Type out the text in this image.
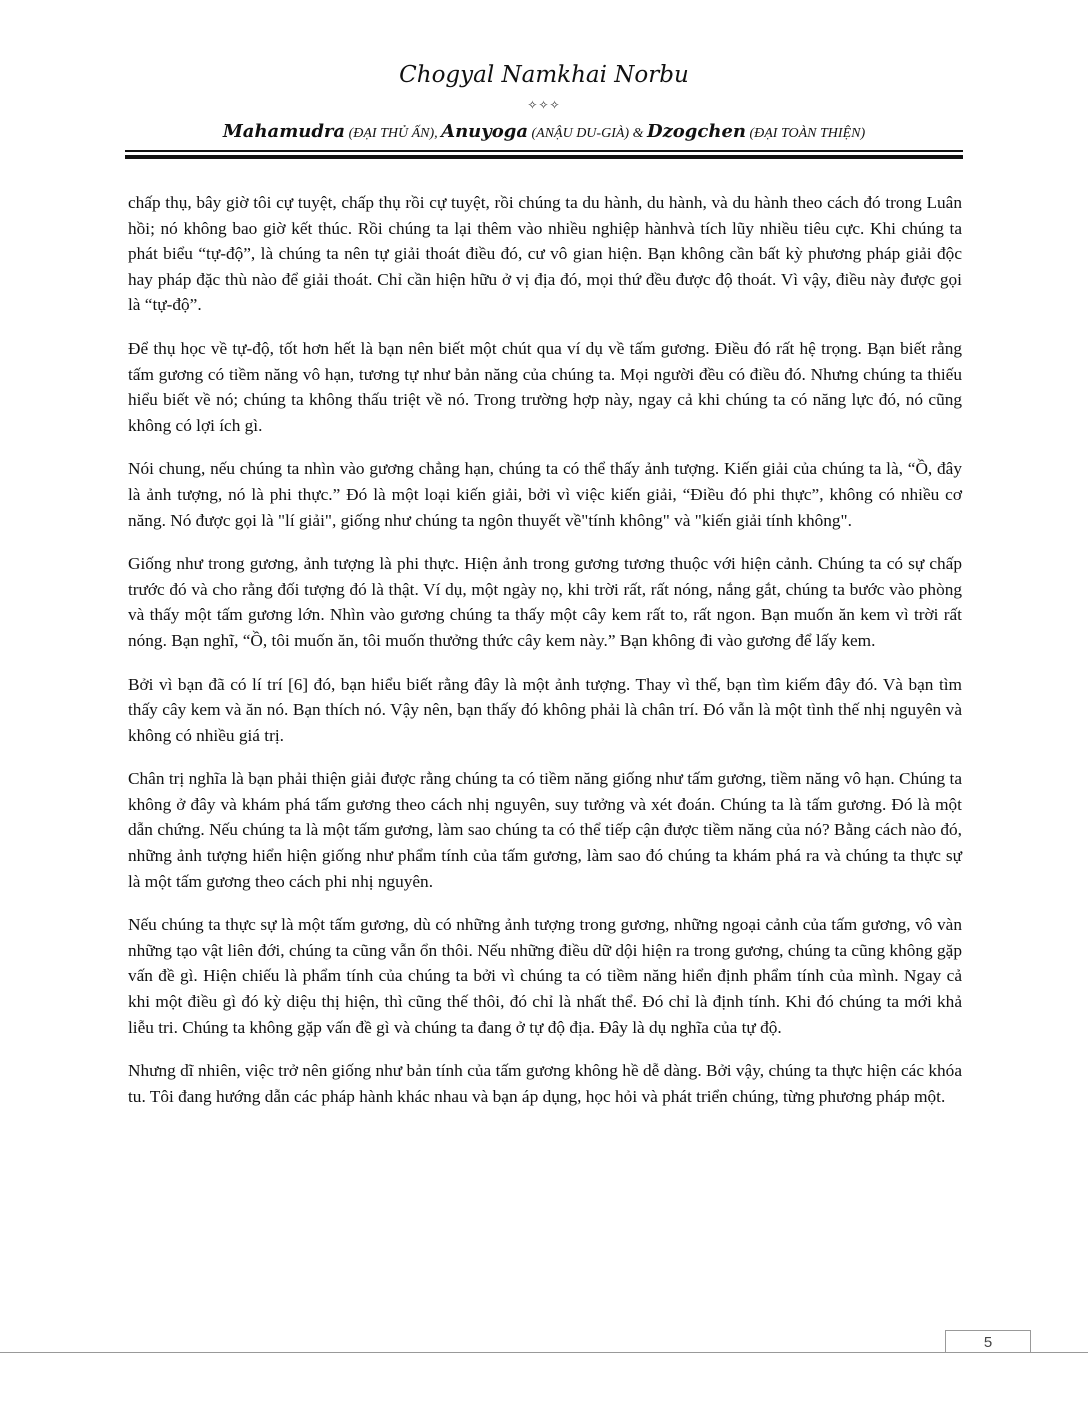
Chogyal Namkhai Norbu
✧✧✧
Mahamudra (ĐẠI THỦ ẤN), Anuyoga (ANẬU DU-GIÀ) & Dzogchen (ĐẠI TOÀN THIỆN)

chấp thụ, bây giờ tôi cự tuyệt, chấp thụ rồi cự tuyệt, rồi chúng ta du hành, du hành, và du hành theo cách đó trong Luân hồi; nó không bao giờ kết thúc. Rồi chúng ta lại thêm vào nhiều nghiệp hànhvà tích lũy nhiều tiêu cực. Khi chúng ta phát biểu “tự-độ”, là chúng ta nên tự giải thoát điều đó, cư vô gian hiện. Bạn không cần bất kỳ phương pháp giải độc hay pháp đặc thù nào để giải thoát. Chỉ cần hiện hữu ở vị địa đó, mọi thứ đều được độ thoát. Vì vậy, điều này được gọi là “tự-độ”.

Để thụ học về tự-độ, tốt hơn hết là bạn nên biết một chút qua ví dụ về tấm gương. Điều đó rất hệ trọng. Bạn biết rằng tấm gương có tiềm năng vô hạn, tương tự như bản năng của chúng ta. Mọi người đều có điều đó. Nhưng chúng ta thiếu hiểu biết về nó; chúng ta không thấu triệt về nó. Trong trường hợp này, ngay cả khi chúng ta có năng lực đó, nó cũng không có lợi ích gì.

Nói chung, nếu chúng ta nhìn vào gương chẳng hạn, chúng ta có thể thấy ảnh tượng. Kiến giải của chúng ta là, “Ồ, đây là ảnh tượng, nó là phi thực.” Đó là một loại kiến giải, bởi vì việc kiến giải, “Điều đó phi thực”, không có nhiều cơ năng. Nó được gọi là "lí giải", giống như chúng ta ngôn thuyết về"tính không" và "kiến giải tính không".

Giống như trong gương, ảnh tượng là phi thực. Hiện ảnh trong gương tương thuộc với hiện cảnh. Chúng ta có sự chấp trước đó và cho rằng đối tượng đó là thật. Ví dụ, một ngày nọ, khi trời rất, rất nóng, nắng gắt, chúng ta bước vào phòng và thấy một tấm gương lớn. Nhìn vào gương chúng ta thấy một cây kem rất to, rất ngon. Bạn muốn ăn kem vì trời rất nóng. Bạn nghĩ, “Ồ, tôi muốn ăn, tôi muốn thưởng thức cây kem này.” Bạn không đi vào gương để lấy kem.

Bởi vì bạn đã có lí trí [6] đó, bạn hiểu biết rằng đây là một ảnh tượng. Thay vì thế, bạn tìm kiếm đây đó. Và bạn tìm thấy cây kem và ăn nó. Bạn thích nó. Vậy nên, bạn thấy đó không phải là chân trí. Đó vẫn là một tình thế nhị nguyên và không có nhiều giá trị.

Chân trị nghĩa là bạn phải thiện giải được rằng chúng ta có tiềm năng giống như tấm gương, tiềm năng vô hạn. Chúng ta không ở đây và khám phá tấm gương theo cách nhị nguyên, suy tưởng và xét đoán. Chúng ta là tấm gương. Đó là một dẫn chứng. Nếu chúng ta là một tấm gương, làm sao chúng ta có thể tiếp cận được tiềm năng của nó? Bằng cách nào đó, những ảnh tượng hiển hiện giống như phẩm tính của tấm gương, làm sao đó chúng ta khám phá ra và chúng ta thực sự là một tấm gương theo cách phi nhị nguyên.

Nếu chúng ta thực sự là một tấm gương, dù có những ảnh tượng trong gương, những ngoại cảnh của tấm gương, vô vàn những tạo vật liên đới, chúng ta cũng vẫn ổn thôi. Nếu những điều dữ dội hiện ra trong gương, chúng ta cũng không gặp vấn đề gì. Hiện chiếu là phẩm tính của chúng ta bởi vì chúng ta có tiềm năng hiển định phẩm tính của mình. Ngay cả khi một điều gì đó kỳ diệu thị hiện, thì cũng thế thôi, đó chỉ là nhất thể. Đó chỉ là định tính. Khi đó chúng ta mới khả liễu tri. Chúng ta không gặp vấn đề gì và chúng ta đang ở tự độ địa. Đây là dụ nghĩa của tự độ.

Nhưng dĩ nhiên, việc trở nên giống như bản tính của tấm gương không hề dễ dàng. Bởi vậy, chúng ta thực hiện các khóa tu. Tôi đang hướng dẫn các pháp hành khác nhau và bạn áp dụng, học hỏi và phát triển chúng, từng phương pháp một.

5
